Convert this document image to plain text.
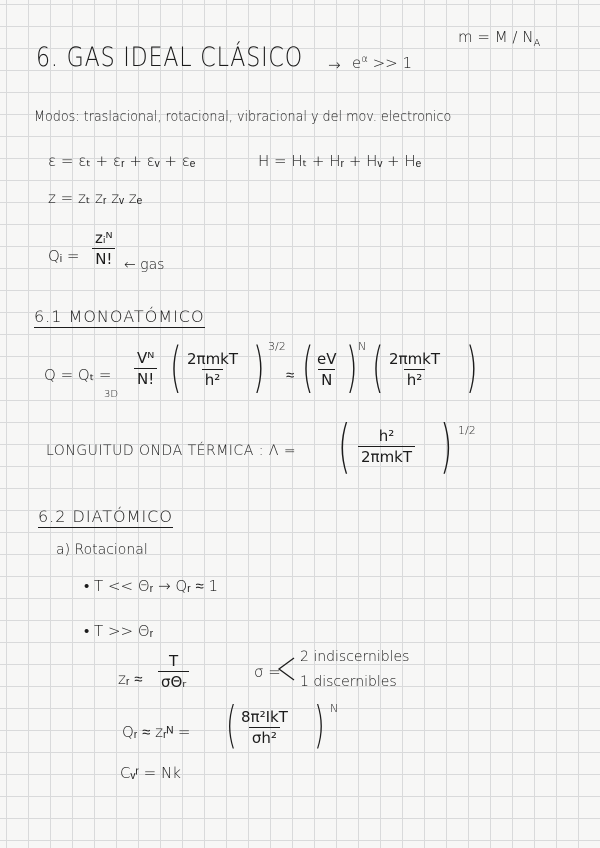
$m = M / N_A$
6. GAS IDEAL CLÁSICO → $e^\alpha >> 1$
Modos: traslacional, rotacional, vibracional y del mov. electronico
ε = εₜ + εᵣ + εᵥ + εₑ	H = Hₜ + Hᵣ + Hᵥ + Hₑ
z = zₜ zᵣ zᵥ zₑ
Qᵢ =
zᵢᴺ
N! ← gas
6.1 MONOATÓMICO
Q = Qₜ =
3D
$\frac{\text{Vᴺ}}{N!}$ ( 2πmkT
h² ) 3/2
≈ ( $\frac{eV}{N}$ ) N ( 2πmkT
h² )
LONGUITUD ONDA TÉRMICA : Λ = ( h²
2πmkT ) 1/2
6.2 DIATÓMICO
a) Rotacional
• T << Θᵣ → Qᵣ ≈ 1
• T >> Θᵣ
zᵣ ≈
T
σΘᵣ
σ =
2 indiscernibles
1 discernibles
Qᵣ ≈ zᵣᴺ = ( 8π²IkT
σh² ) N
Cᵥʳ = Nk
